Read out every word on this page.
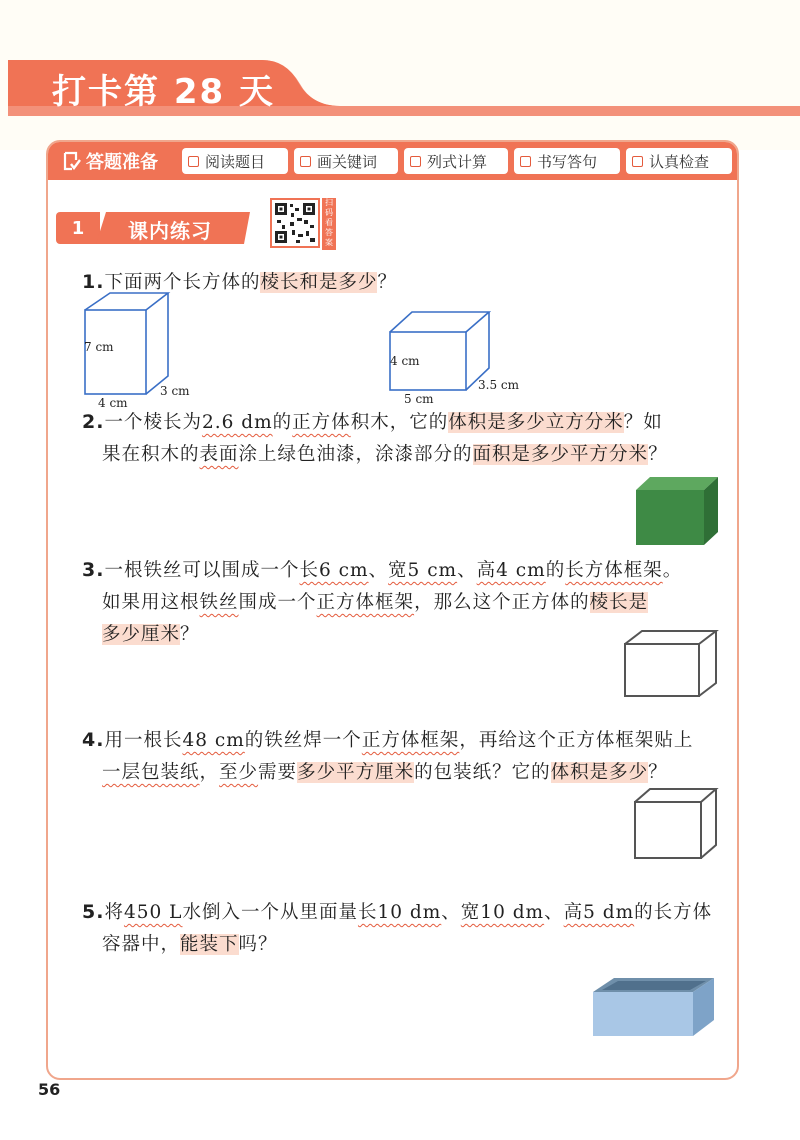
打卡第 28 天
答题准备	阅读题目	画关键词	列式计算	书写答句	认真检查
1	课内练习
扫码看答案
1.下面两个长方体的棱长和是多少？
7 cm
4 cm
3 cm
4 cm
5 cm
3.5 cm
2.一个棱长为2.6 dm的正方体积木，它的体积是多少立方分米？如
果在积木的表面涂上绿色油漆，涂漆部分的面积是多少平方分米？
3.一根铁丝可以围成一个长6 cm、宽5 cm、高4 cm的长方体框架。
如果用这根铁丝围成一个正方体框架，那么这个正方体的棱长是
多少厘米？
4.用一根长48 cm的铁丝焊一个正方体框架，再给这个正方体框架贴上
一层包装纸，至少需要多少平方厘米的包装纸？它的体积是多少？
5.将450 L水倒入一个从里面量长10 dm、宽10 dm、高5 dm的长方体
容器中，能装下吗？
56
